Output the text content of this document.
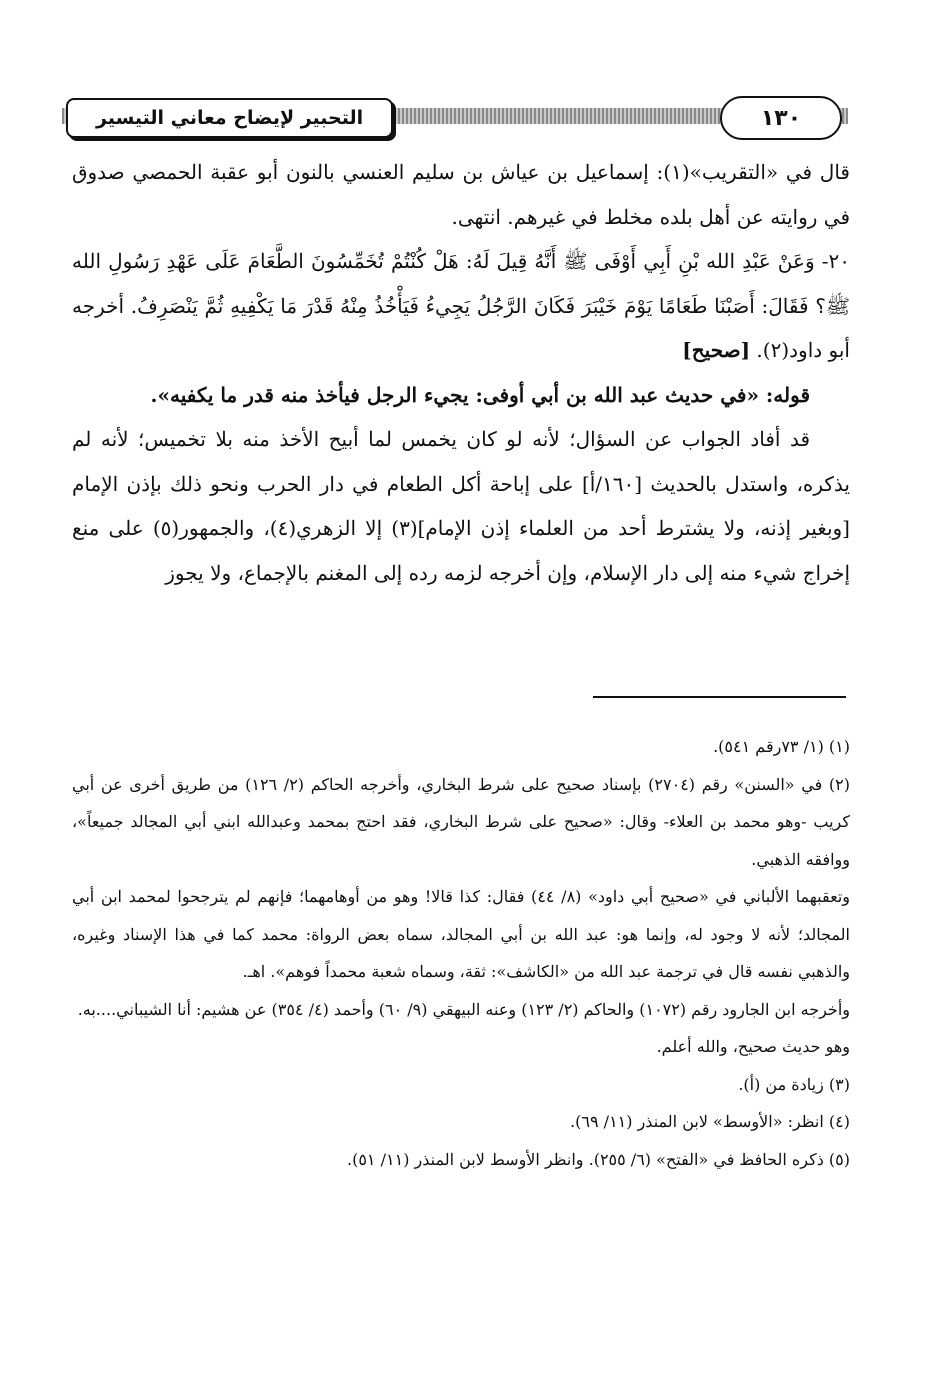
١٣٠
التحبير لإيضاح معاني التيسير

قال في «التقريب»(١): إسماعيل بن عياش بن سليم العنسي بالنون أبو عقبة الحمصي صدوق في روايته عن أهل بلده مخلط في غيرهم. انتهى.

٢٠- وَعَنْ عَبْدِ الله بْنِ أَبِي أَوْفَى ﷺ أَنَّهُ قِيلَ لَهُ: هَلْ كُنْتُمْ تُخَمِّسُونَ الطَّعَامَ عَلَى عَهْدِ رَسُولِ الله ﷺ؟ فَقَالَ: أَصَبْنَا طَعَامًا يَوْمَ خَيْبَرَ فَكَانَ الرَّجُلُ يَجِيءُ فَيَأْخُذُ مِنْهُ قَدْرَ مَا يَكْفِيهِ ثُمَّ يَنْصَرِفُ. أخرجه أبو داود(٢). [صحيح]

قوله: «في حديث عبد الله بن أبي أوفى: يجيء الرجل فيأخذ منه قدر ما يكفيه».

قد أفاد الجواب عن السؤال؛ لأنه لو كان يخمس لما أبيح الأخذ منه بلا تخميس؛ لأنه لم يذكره، واستدل بالحديث [١٦٠/أ] على إباحة أكل الطعام في دار الحرب ونحو ذلك بإذن الإمام [وبغير إذنه، ولا يشترط أحد من العلماء إذن الإمام](٣) إلا الزهري(٤)، والجمهور(٥) على منع إخراج شيء منه إلى دار الإسلام، وإن أخرجه لزمه رده إلى المغنم بالإجماع، ولا يجوز

(١) (١/ ٧٣رقم ٥٤١).

(٢) في «السنن» رقم (٢٧٠٤) بإسناد صحيح على شرط البخاري، وأخرجه الحاكم (٢/ ١٢٦) من طريق أخرى عن أبي كريب -وهو محمد بن العلاء- وقال: «صحيح على شرط البخاري، فقد احتج بمحمد وعبدالله ابني أبي المجالد جميعاً»، ووافقه الذهبي.

وتعقبهما الألباني في «صحيح أبي داود» (٨/ ٤٤) فقال: كذا قالا! وهو من أوهامهما؛ فإنهم لم يترجحوا لمحمد ابن أبي المجالد؛ لأنه لا وجود له، وإنما هو: عبد الله بن أبي المجالد، سماه بعض الرواة: محمد كما في هذا الإسناد وغيره، والذهبي نفسه قال في ترجمة عبد الله من «الكاشف»: ثقة، وسماه شعبة محمداً فوهم». اهـ.

وأخرجه ابن الجارود رقم (١٠٧٢) والحاكم (٢/ ١٢٣) وعنه البيهقي (٩/ ٦٠) وأحمد (٤/ ٣٥٤) عن هشيم: أنا الشيباني....به.

وهو حديث صحيح، والله أعلم.

(٣) زيادة من (أ).

(٤) انظر: «الأوسط» لابن المنذر (١١/ ٦٩).

(٥) ذكره الحافظ في «الفتح» (٦/ ٢٥٥). وانظر الأوسط لابن المنذر (١١/ ٥١).
